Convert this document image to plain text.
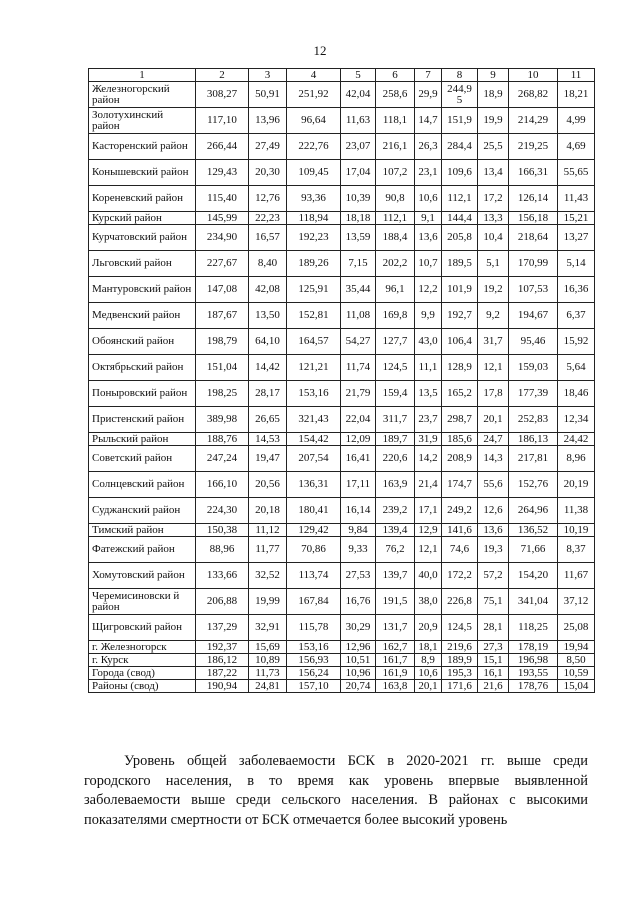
12
1	2	3	4	5	6	7	8	9	10	11
Железногорский район	308,27	50,91	251,92	42,04	258,6	29,9	244,9 5	18,9	268,82	18,21
Золотухинский район	117,10	13,96	96,64	11,63	118,1	14,7	151,9	19,9	214,29	4,99
Касторенский район	266,44	27,49	222,76	23,07	216,1	26,3	284,4	25,5	219,25	4,69
Конышевский район	129,43	20,30	109,45	17,04	107,2	23,1	109,6	13,4	166,31	55,65
Кореневский район	115,40	12,76	93,36	10,39	90,8	10,6	112,1	17,2	126,14	11,43
Курский район	145,99	22,23	118,94	18,18	112,1	9,1	144,4	13,3	156,18	15,21
Курчатовский район	234,90	16,57	192,23	13,59	188,4	13,6	205,8	10,4	218,64	13,27
Льговский район	227,67	8,40	189,26	7,15	202,2	10,7	189,5	5,1	170,99	5,14
Мантуровский район	147,08	42,08	125,91	35,44	96,1	12,2	101,9	19,2	107,53	16,36
Медвенский район	187,67	13,50	152,81	11,08	169,8	9,9	192,7	9,2	194,67	6,37
Обоянский район	198,79	64,10	164,57	54,27	127,7	43,0	106,4	31,7	95,46	15,92
Октябрьский район	151,04	14,42	121,21	11,74	124,5	11,1	128,9	12,1	159,03	5,64
Поныровский район	198,25	28,17	153,16	21,79	159,4	13,5	165,2	17,8	177,39	18,46
Пристенский район	389,98	26,65	321,43	22,04	311,7	23,7	298,7	20,1	252,83	12,34
Рыльский район	188,76	14,53	154,42	12,09	189,7	31,9	185,6	24,7	186,13	24,42
Советский район	247,24	19,47	207,54	16,41	220,6	14,2	208,9	14,3	217,81	8,96
Солнцевский район	166,10	20,56	136,31	17,11	163,9	21,4	174,7	55,6	152,76	20,19
Суджанский район	224,30	20,18	180,41	16,14	239,2	17,1	249,2	12,6	264,96	11,38
Тимский район	150,38	11,12	129,42	9,84	139,4	12,9	141,6	13,6	136,52	10,19
Фатежский район	88,96	11,77	70,86	9,33	76,2	12,1	74,6	19,3	71,66	8,37
Хомутовский район	133,66	32,52	113,74	27,53	139,7	40,0	172,2	57,2	154,20	11,67
Черемисиновски й район	206,88	19,99	167,84	16,76	191,5	38,0	226,8	75,1	341,04	37,12
Щигровский район	137,29	32,91	115,78	30,29	131,7	20,9	124,5	28,1	118,25	25,08
г. Железногорск	192,37	15,69	153,16	12,96	162,7	18,1	219,6	27,3	178,19	19,94
г. Курск	186,12	10,89	156,93	10,51	161,7	8,9	189,9	15,1	196,98	8,50
Города (свод)	187,22	11,73	156,24	10,96	161,9	10,6	195,3	16,1	193,55	10,59
Районы (свод)	190,94	24,81	157,10	20,74	163,8	20,1	171,6	21,6	178,76	15,04
Уровень общей заболеваемости БСК в 2020-2021 гг. выше среди городского населения, в то время как уровень впервые выявленной заболеваемости выше среди сельского населения. В районах с высокими показателями смертности от БСК отмечается более высокий уровень
